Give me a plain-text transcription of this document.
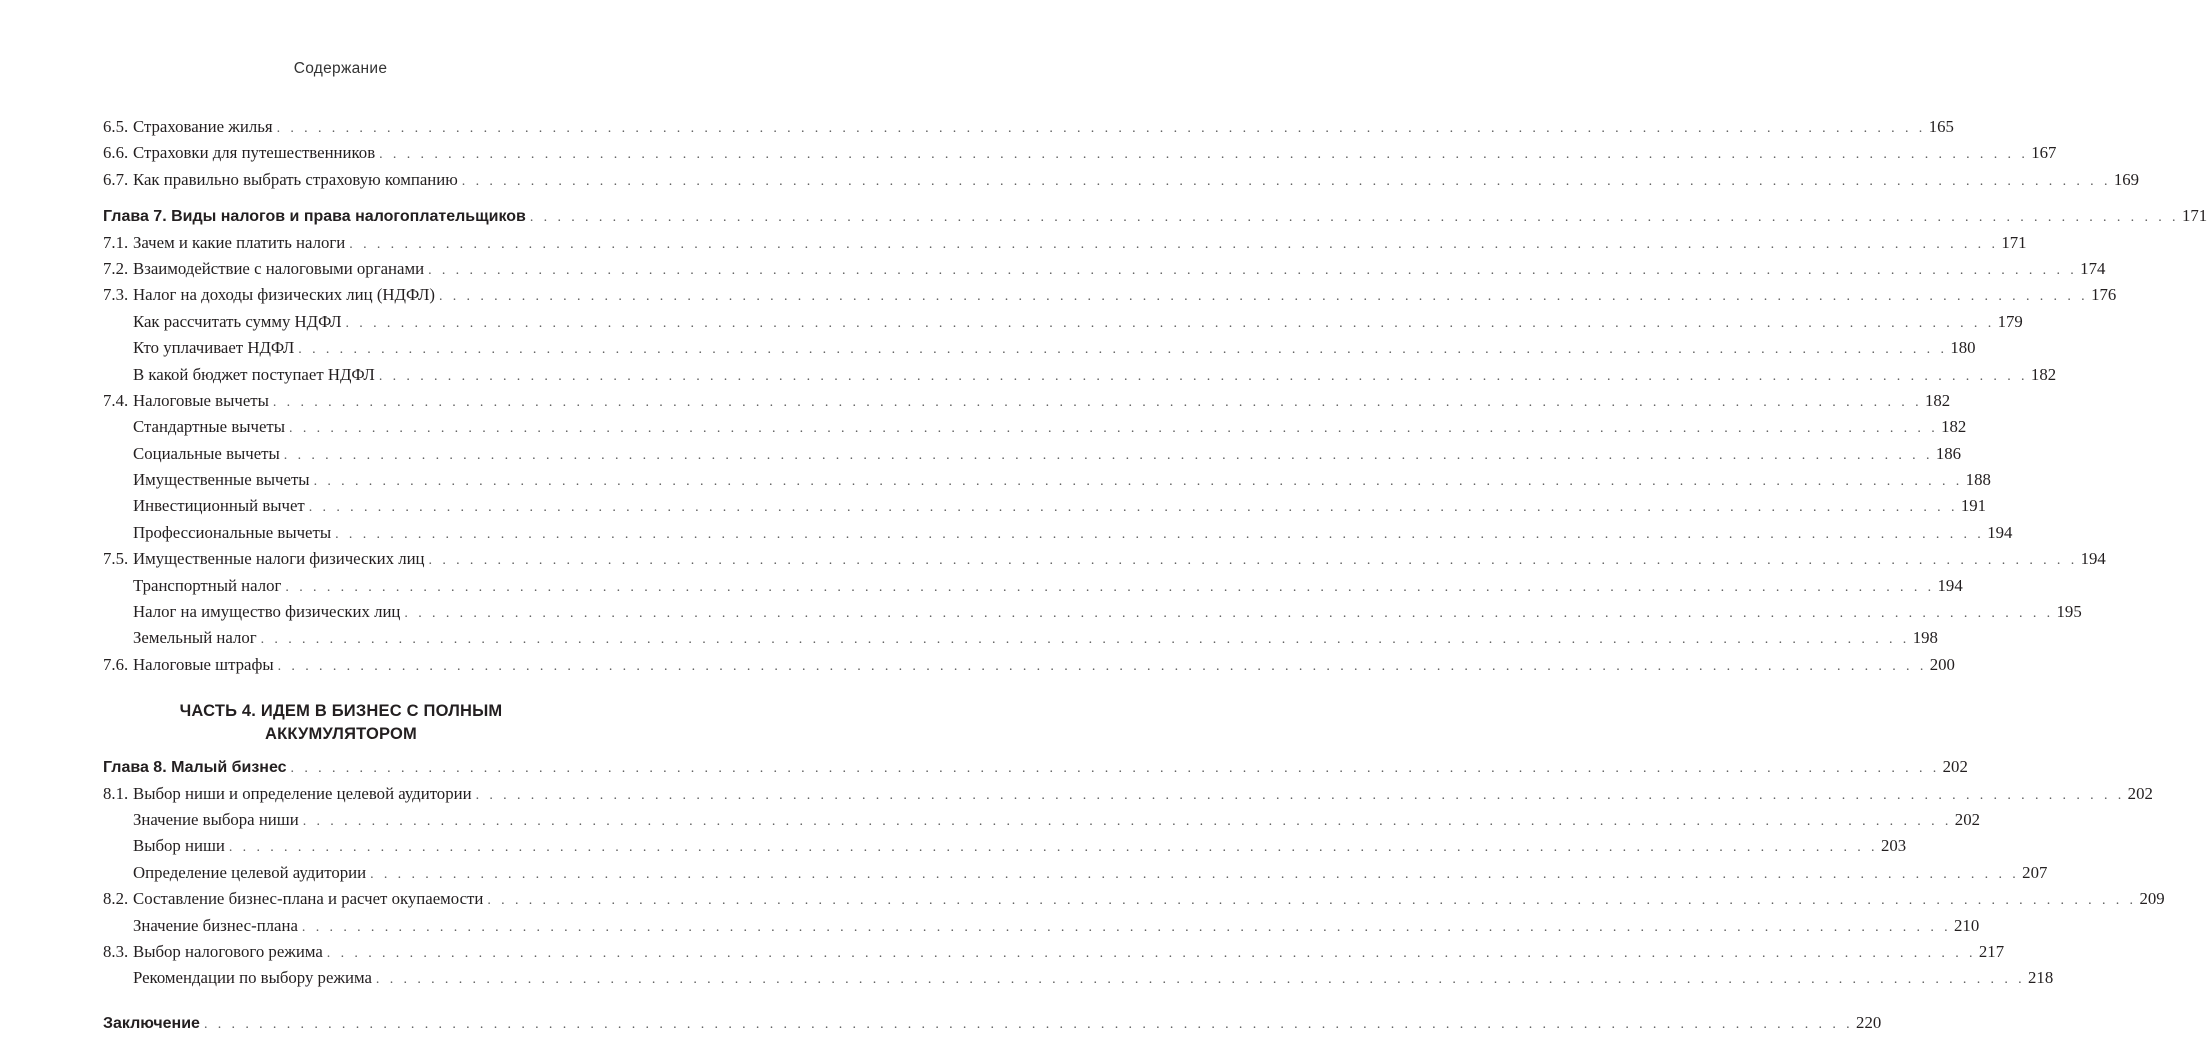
Содержание
6.5. Страхование жилья . . . . . . . . . . . . . . . . . . . . . . . . . . . . . . . . . . . . . . . . . . . . . . . . . . . . . . . . . . . . . . . . . . . . . . . . . . . . . . . . . . . . . . . . . . . . . . . . . . . . . . . . . . . . . . . . . . . . . . . . 165
6.6. Страховки для путешественников . . . . . . . . . . . . . . . . . . . . . . . . . . . . . . . . . . . . . . . . . . . . . . . . . . . . . . . . . . . . . . . . . . . . . . . . . . . . . . . . . . . . . . . . . . . . . . . . . . . . . . . . . . . . . . . . . . . . . . . . 167
6.7. Как правильно выбрать страховую компанию . . . . . . . . . . . . . . . . . . . . . . . . . . . . . . . . . . . . . . . . . . . . . . . . . . . . . . . . . . . . . . . . . . . . . . . . . . . . . . . . . . . . . . . . . . . . . . . . . . . . . . . . . . . . . . . . . . . . . . . . 169
Глава 7. Виды налогов и права налогоплательщиков . . . . . . . . . . . . . . . . . . . . . . . . . . . . . . . . . . . . . . . . . . . . . . . . . . . . . . . . . . . . . . . . . . . . . . . . . . . . . . . . . . . . . . . . . . . . . . . . . . . . . . . . . . . . . . . . . . . . . . . . 171
7.1. Зачем и какие платить налоги . . . . . . . . . . . . . . . . . . . . . . . . . . . . . . . . . . . . . . . . . . . . . . . . . . . . . . . . . . . . . . . . . . . . . . . . . . . . . . . . . . . . . . . . . . . . . . . . . . . . . . . . . . . . . . . . . . . . . . . . 171
7.2. Взаимодействие с налоговыми органами . . . . . . . . . . . . . . . . . . . . . . . . . . . . . . . . . . . . . . . . . . . . . . . . . . . . . . . . . . . . . . . . . . . . . . . . . . . . . . . . . . . . . . . . . . . . . . . . . . . . . . . . . . . . . . . . . . . . . . . . 174
7.3. Налог на доходы физических лиц (НДФЛ) . . . . . . . . . . . . . . . . . . . . . . . . . . . . . . . . . . . . . . . . . . . . . . . . . . . . . . . . . . . . . . . . . . . . . . . . . . . . . . . . . . . . . . . . . . . . . . . . . . . . . . . . . . . . . . . . . . . . . . . . 176
Как рассчитать сумму НДФЛ . . . . . . . . . . . . . . . . . . . . . . . . . . . . . . . . . . . . . . . . . . . . . . . . . . . . . . . . . . . . . . . . . . . . . . . . . . . . . . . . . . . . . . . . . . . . . . . . . . . . . . . . . . . . . . . . . . . . . . . . 179
Кто уплачивает НДФЛ . . . . . . . . . . . . . . . . . . . . . . . . . . . . . . . . . . . . . . . . . . . . . . . . . . . . . . . . . . . . . . . . . . . . . . . . . . . . . . . . . . . . . . . . . . . . . . . . . . . . . . . . . . . . . . . . . . . . . . . . 180
В какой бюджет поступает НДФЛ . . . . . . . . . . . . . . . . . . . . . . . . . . . . . . . . . . . . . . . . . . . . . . . . . . . . . . . . . . . . . . . . . . . . . . . . . . . . . . . . . . . . . . . . . . . . . . . . . . . . . . . . . . . . . . . . . . . . . . . . 182
7.4. Налоговые вычеты . . . . . . . . . . . . . . . . . . . . . . . . . . . . . . . . . . . . . . . . . . . . . . . . . . . . . . . . . . . . . . . . . . . . . . . . . . . . . . . . . . . . . . . . . . . . . . . . . . . . . . . . . . . . . . . . . . . . . . . . 182
Стандартные вычеты . . . . . . . . . . . . . . . . . . . . . . . . . . . . . . . . . . . . . . . . . . . . . . . . . . . . . . . . . . . . . . . . . . . . . . . . . . . . . . . . . . . . . . . . . . . . . . . . . . . . . . . . . . . . . . . . . . . . . . . . 182
Социальные вычеты . . . . . . . . . . . . . . . . . . . . . . . . . . . . . . . . . . . . . . . . . . . . . . . . . . . . . . . . . . . . . . . . . . . . . . . . . . . . . . . . . . . . . . . . . . . . . . . . . . . . . . . . . . . . . . . . . . . . . . . . 186
Имущественные вычеты . . . . . . . . . . . . . . . . . . . . . . . . . . . . . . . . . . . . . . . . . . . . . . . . . . . . . . . . . . . . . . . . . . . . . . . . . . . . . . . . . . . . . . . . . . . . . . . . . . . . . . . . . . . . . . . . . . . . . . . . 188
Инвестиционный вычет . . . . . . . . . . . . . . . . . . . . . . . . . . . . . . . . . . . . . . . . . . . . . . . . . . . . . . . . . . . . . . . . . . . . . . . . . . . . . . . . . . . . . . . . . . . . . . . . . . . . . . . . . . . . . . . . . . . . . . . . 191
Профессиональные вычеты . . . . . . . . . . . . . . . . . . . . . . . . . . . . . . . . . . . . . . . . . . . . . . . . . . . . . . . . . . . . . . . . . . . . . . . . . . . . . . . . . . . . . . . . . . . . . . . . . . . . . . . . . . . . . . . . . . . . . . . . 194
7.5. Имущественные налоги физических лиц . . . . . . . . . . . . . . . . . . . . . . . . . . . . . . . . . . . . . . . . . . . . . . . . . . . . . . . . . . . . . . . . . . . . . . . . . . . . . . . . . . . . . . . . . . . . . . . . . . . . . . . . . . . . . . . . . . . . . . . . 194
Транспортный налог . . . . . . . . . . . . . . . . . . . . . . . . . . . . . . . . . . . . . . . . . . . . . . . . . . . . . . . . . . . . . . . . . . . . . . . . . . . . . . . . . . . . . . . . . . . . . . . . . . . . . . . . . . . . . . . . . . . . . . . . 194
Налог на имущество физических лиц . . . . . . . . . . . . . . . . . . . . . . . . . . . . . . . . . . . . . . . . . . . . . . . . . . . . . . . . . . . . . . . . . . . . . . . . . . . . . . . . . . . . . . . . . . . . . . . . . . . . . . . . . . . . . . . . . . . . . . . . 195
Земельный налог . . . . . . . . . . . . . . . . . . . . . . . . . . . . . . . . . . . . . . . . . . . . . . . . . . . . . . . . . . . . . . . . . . . . . . . . . . . . . . . . . . . . . . . . . . . . . . . . . . . . . . . . . . . . . . . . . . . . . . . . 198
7.6. Налоговые штрафы . . . . . . . . . . . . . . . . . . . . . . . . . . . . . . . . . . . . . . . . . . . . . . . . . . . . . . . . . . . . . . . . . . . . . . . . . . . . . . . . . . . . . . . . . . . . . . . . . . . . . . . . . . . . . . . . . . . . . . . . 200
ЧАСТЬ 4. ИДЕМ В БИЗНЕС С ПОЛНЫМ
АККУМУЛЯТОРОМ
Глава 8. Малый бизнес . . . . . . . . . . . . . . . . . . . . . . . . . . . . . . . . . . . . . . . . . . . . . . . . . . . . . . . . . . . . . . . . . . . . . . . . . . . . . . . . . . . . . . . . . . . . . . . . . . . . . . . . . . . . . . . . . . . . . . . . 202
8.1. Выбор ниши и определение целевой аудитории . . . . . . . . . . . . . . . . . . . . . . . . . . . . . . . . . . . . . . . . . . . . . . . . . . . . . . . . . . . . . . . . . . . . . . . . . . . . . . . . . . . . . . . . . . . . . . . . . . . . . . . . . . . . . . . . . . . . . . . . 202
Значение выбора ниши . . . . . . . . . . . . . . . . . . . . . . . . . . . . . . . . . . . . . . . . . . . . . . . . . . . . . . . . . . . . . . . . . . . . . . . . . . . . . . . . . . . . . . . . . . . . . . . . . . . . . . . . . . . . . . . . . . . . . . . . 202
Выбор ниши . . . . . . . . . . . . . . . . . . . . . . . . . . . . . . . . . . . . . . . . . . . . . . . . . . . . . . . . . . . . . . . . . . . . . . . . . . . . . . . . . . . . . . . . . . . . . . . . . . . . . . . . . . . . . . . . . . . . . . . . 203
Определение целевой аудитории . . . . . . . . . . . . . . . . . . . . . . . . . . . . . . . . . . . . . . . . . . . . . . . . . . . . . . . . . . . . . . . . . . . . . . . . . . . . . . . . . . . . . . . . . . . . . . . . . . . . . . . . . . . . . . . . . . . . . . . . 207
8.2. Составление бизнес-плана и расчет окупаемости . . . . . . . . . . . . . . . . . . . . . . . . . . . . . . . . . . . . . . . . . . . . . . . . . . . . . . . . . . . . . . . . . . . . . . . . . . . . . . . . . . . . . . . . . . . . . . . . . . . . . . . . . . . . . . . . . . . . . . . . 209
Значение бизнес-плана . . . . . . . . . . . . . . . . . . . . . . . . . . . . . . . . . . . . . . . . . . . . . . . . . . . . . . . . . . . . . . . . . . . . . . . . . . . . . . . . . . . . . . . . . . . . . . . . . . . . . . . . . . . . . . . . . . . . . . . . 210
8.3. Выбор налогового режима . . . . . . . . . . . . . . . . . . . . . . . . . . . . . . . . . . . . . . . . . . . . . . . . . . . . . . . . . . . . . . . . . . . . . . . . . . . . . . . . . . . . . . . . . . . . . . . . . . . . . . . . . . . . . . . . . . . . . . . . 217
Рекомендации по выбору режима . . . . . . . . . . . . . . . . . . . . . . . . . . . . . . . . . . . . . . . . . . . . . . . . . . . . . . . . . . . . . . . . . . . . . . . . . . . . . . . . . . . . . . . . . . . . . . . . . . . . . . . . . . . . . . . . . . . . . . . . 218
Заключение . . . . . . . . . . . . . . . . . . . . . . . . . . . . . . . . . . . . . . . . . . . . . . . . . . . . . . . . . . . . . . . . . . . . . . . . . . . . . . . . . . . . . . . . . . . . . . . . . . . . . . . . . . . . . . . . . . . . . . . . 220
